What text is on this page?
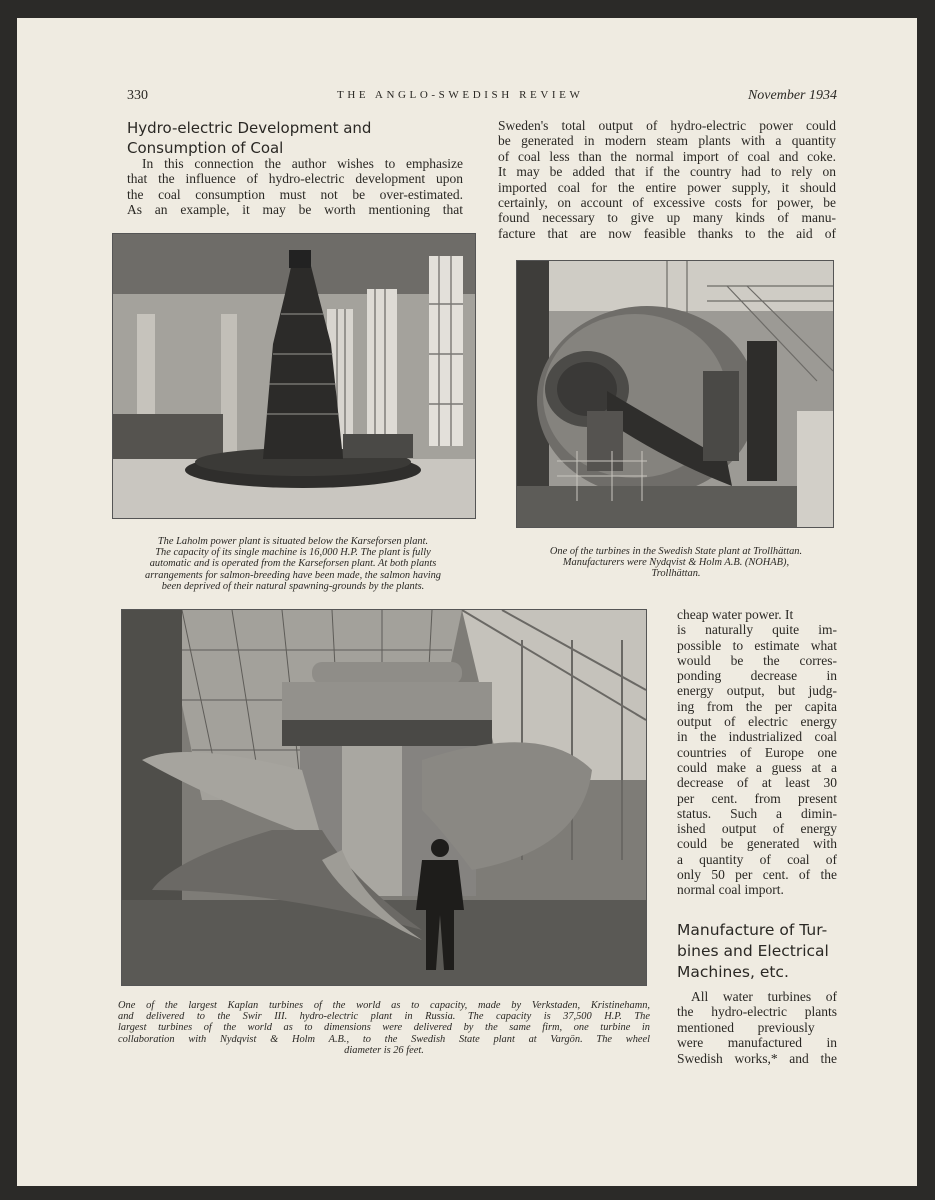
330	THE ANGLO-SWEDISH REVIEW	November 1934
Hydro-electric Development and
Consumption of Coal
In this connection the author wishes to emphasize
that the influence of hydro-electric development upon
the coal consumption must not be over-estimated.
As an example, it may be worth mentioning that
Sweden's total output of hydro-electric power could
be generated in modern steam plants with a quantity
of coal less than the normal import of coal and coke.
It may be added that if the country had to rely on
imported coal for the entire power supply, it should
certainly, on account of excessive costs for power, be
found necessary to give up many kinds of manu-
facture that are now feasible thanks to the aid of
The Laholm power plant is situated below the Karseforsen plant.
The capacity of its single machine is 16,000 H.P. The plant is fully
automatic and is operated from the Karseforsen plant. At both plants
arrangements for salmon-breeding have been made, the salmon having
been deprived of their natural spawning-grounds by the plants.
One of the turbines in the Swedish State plant at Trollhättan.
Manufacturers were Nydqvist & Holm A.B. (NOHAB),
Trollhättan.
One of the largest Kaplan turbines of the world as to capacity, made by Verkstaden, Kristinehamn,
and delivered to the Swir III. hydro-electric plant in Russia. The capacity is 37,500 H.P. The
largest turbines of the world as to dimensions were delivered by the same firm, one turbine in
collaboration with Nydqvist & Holm A.B., to the Swedish State plant at Vargön. The wheel
diameter is 26 feet.
cheap water power. It
is naturally quite im-
possible to estimate what
would be the corres-
ponding decrease in
energy output, but judg-
ing from the per capita
output of electric energy
in the industrialized coal
countries of Europe one
could make a guess at a
decrease of at least 30
per cent. from present
status. Such a dimin-
ished output of energy
could be generated with
a quantity of coal of
only 50 per cent. of the
normal coal import.
Manufacture of Tur-
bines and Electrical
Machines, etc.
All water turbines of
the hydro-electric plants
mentioned       previously
were manufactured in
Swedish works,* and the
